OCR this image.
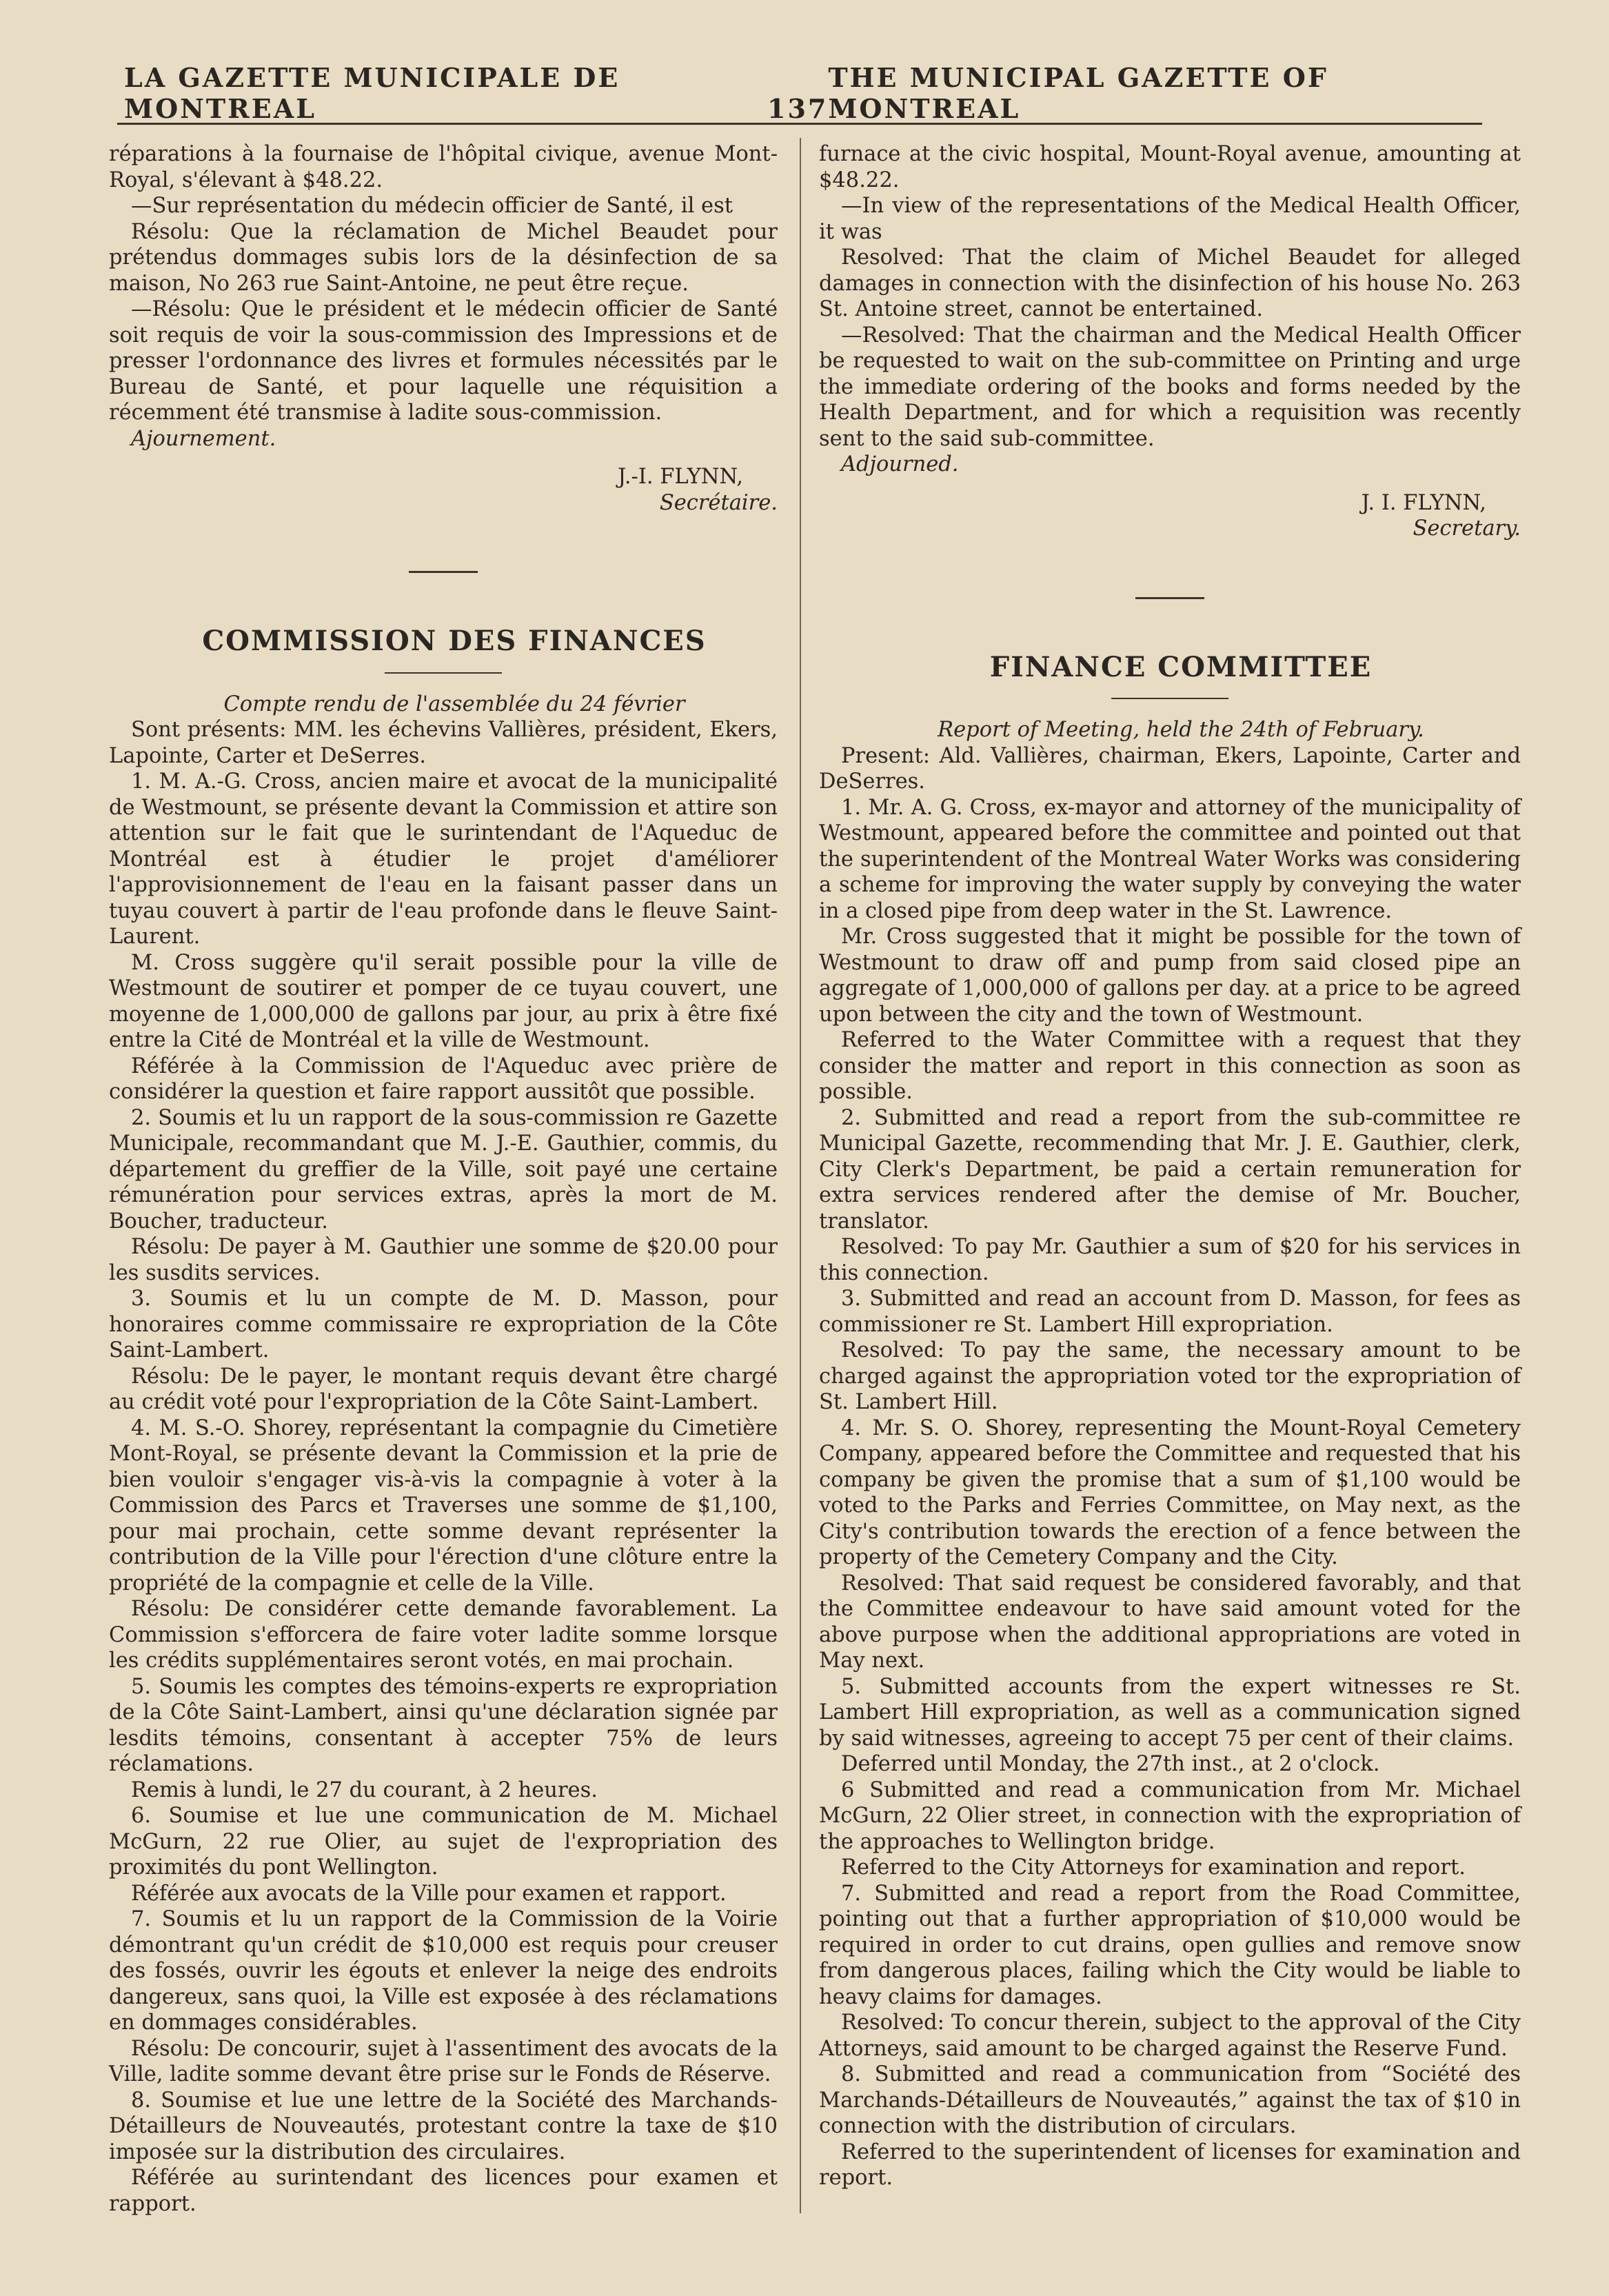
LA GAZETTE MUNICIPALE DE MONTREAL	137
THE MUNICIPAL GAZETTE OF MONTREAL

réparations à la fournaise de l'hôpital civique, avenue Mont-Royal, s'élevant à $48.22.

—Sur représentation du médecin officier de Santé, il est

Résolu: Que la réclamation de Michel Beaudet pour prétendus dommages subis lors de la désinfection de sa maison, No 263 rue Saint-Antoine, ne peut être reçue.

—Résolu: Que le président et le médecin officier de Santé soit requis de voir la sous-commission des Impressions et de presser l'ordonnance des livres et formules nécessités par le Bureau de Santé, et pour laquelle une réquisition a récemment été transmise à ladite sous-commission.

Ajournement.

J.-I. FLYNN,

Secrétaire.

COMMISSION DES FINANCES

Compte rendu de l'assemblée du 24 février

Sont présents: MM. les échevins Vallières, président, Ekers, Lapointe, Carter et DeSerres.

1. M. A.-G. Cross, ancien maire et avocat de la municipalité de Westmount, se présente devant la Commission et attire son attention sur le fait que le surintendant de l'Aqueduc de Montréal est à étudier le projet d'améliorer l'approvisionnement de l'eau en la faisant passer dans un tuyau couvert à partir de l'eau profonde dans le fleuve Saint-Laurent.

M. Cross suggère qu'il serait possible pour la ville de Westmount de soutirer et pomper de ce tuyau couvert, une moyenne de 1,000,000 de gallons par jour, au prix à être fixé entre la Cité de Montréal et la ville de Westmount.

Référée à la Commission de l'Aqueduc avec prière de considérer la question et faire rapport aussitôt que possible.

2. Soumis et lu un rapport de la sous-commission re Gazette Municipale, recommandant que M. J.-E. Gauthier, commis, du département du greffier de la Ville, soit payé une certaine rémunération pour services extras, après la mort de M. Boucher, traducteur.

Résolu: De payer à M. Gauthier une somme de $20.00 pour les susdits services.

3. Soumis et lu un compte de M. D. Masson, pour honoraires comme commissaire re expropriation de la Côte Saint-Lambert.

Résolu: De le payer, le montant requis devant être chargé au crédit voté pour l'expropriation de la Côte Saint-Lambert.

4. M. S.-O. Shorey, représentant la compagnie du Cimetière Mont-Royal, se présente devant la Commission et la prie de bien vouloir s'engager vis-à-vis la compagnie à voter à la Commission des Parcs et Traverses une somme de $1,100, pour mai prochain, cette somme devant représenter la contribution de la Ville pour l'érection d'une clôture entre la propriété de la compagnie et celle de la Ville.

Résolu: De considérer cette demande favorablement. La Commission s'efforcera de faire voter ladite somme lorsque les crédits supplémentaires seront votés, en mai prochain.

5. Soumis les comptes des témoins-experts re expropriation de la Côte Saint-Lambert, ainsi qu'une déclaration signée par lesdits témoins, consentant à accepter 75% de leurs réclamations.

Remis à lundi, le 27 du courant, à 2 heures.

6. Soumise et lue une communication de M. Michael McGurn, 22 rue Olier, au sujet de l'expropriation des proximités du pont Wellington.

Référée aux avocats de la Ville pour examen et rapport.

7. Soumis et lu un rapport de la Commission de la Voirie démontrant qu'un crédit de $10,000 est requis pour creuser des fossés, ouvrir les égouts et enlever la neige des endroits dangereux, sans quoi, la Ville est exposée à des réclamations en dommages considérables.

Résolu: De concourir, sujet à l'assentiment des avocats de la Ville, ladite somme devant être prise sur le Fonds de Réserve.

8. Soumise et lue une lettre de la Société des Marchands-Détailleurs de Nouveautés, protestant contre la taxe de $10 imposée sur la distribution des circulaires.

Référée au surintendant des licences pour examen et rapport.

furnace at the civic hospital, Mount-Royal avenue, amounting at $48.22.

—In view of the representations of the Medical Health Officer, it was

Resolved: That the claim of Michel Beaudet for alleged damages in connection with the disinfection of his house No. 263 St. Antoine street, cannot be entertained.

—Resolved: That the chairman and the Medical Health Officer be requested to wait on the sub-committee on Printing and urge the immediate ordering of the books and forms needed by the Health Department, and for which a requisition was recently sent to the said sub-committee.

Adjourned.

J. I. FLYNN,

Secretary.

FINANCE COMMITTEE

Report of Meeting, held the 24th of February.

Present: Ald. Vallières, chairman, Ekers, Lapointe, Carter and DeSerres.

1. Mr. A. G. Cross, ex-mayor and attorney of the municipality of Westmount, appeared before the committee and pointed out that the superintendent of the Montreal Water Works was considering a scheme for improving the water supply by conveying the water in a closed pipe from deep water in the St. Lawrence.

Mr. Cross suggested that it might be possible for the town of Westmount to draw off and pump from said closed pipe an aggregate of 1,000,000 of gallons per day. at a price to be agreed upon between the city and the town of Westmount.

Referred to the Water Committee with a request that they consider the matter and report in this connection as soon as possible.

2. Submitted and read a report from the sub-committee re Municipal Gazette, recommending that Mr. J. E. Gauthier, clerk, City Clerk's Department, be paid a certain remuneration for extra services rendered after the demise of Mr. Boucher, translator.

Resolved: To pay Mr. Gauthier a sum of $20 for his services in this connection.

3. Submitted and read an account from D. Masson, for fees as commissioner re St. Lambert Hill expropriation.

Resolved: To pay the same, the necessary amount to be charged against the appropriation voted tor the expropriation of St. Lambert Hill.

4. Mr. S. O. Shorey, representing the Mount-Royal Cemetery Company, appeared before the Committee and requested that his company be given the promise that a sum of $1,100 would be voted to the Parks and Ferries Committee, on May next, as the City's contribution towards the erection of a fence between the property of the Cemetery Company and the City.

Resolved: That said request be considered favorably, and that the Committee endeavour to have said amount voted for the above purpose when the additional appropriations are voted in May next.

5. Submitted accounts from the expert witnesses re St. Lambert Hill expropriation, as well as a communication signed by said witnesses, agreeing to accept 75 per cent of their claims.

Deferred until Monday, the 27th inst., at 2 o'clock.

6 Submitted and read a communication from Mr. Michael McGurn, 22 Olier street, in connection with the expropriation of the approaches to Wellington bridge.

Referred to the City Attorneys for examination and report.

7. Submitted and read a report from the Road Committee, pointing out that a further appropriation of $10,000 would be required in order to cut drains, open gullies and remove snow from dangerous places, failing which the City would be liable to heavy claims for damages.

Resolved: To concur therein, subject to the approval of the City Attorneys, said amount to be charged against the Reserve Fund.

8. Submitted and read a communication from “Société des Marchands-Détailleurs de Nouveautés,” against the tax of $10 in connection with the distribution of circulars.

Referred to the superintendent of licenses for examination and report.
